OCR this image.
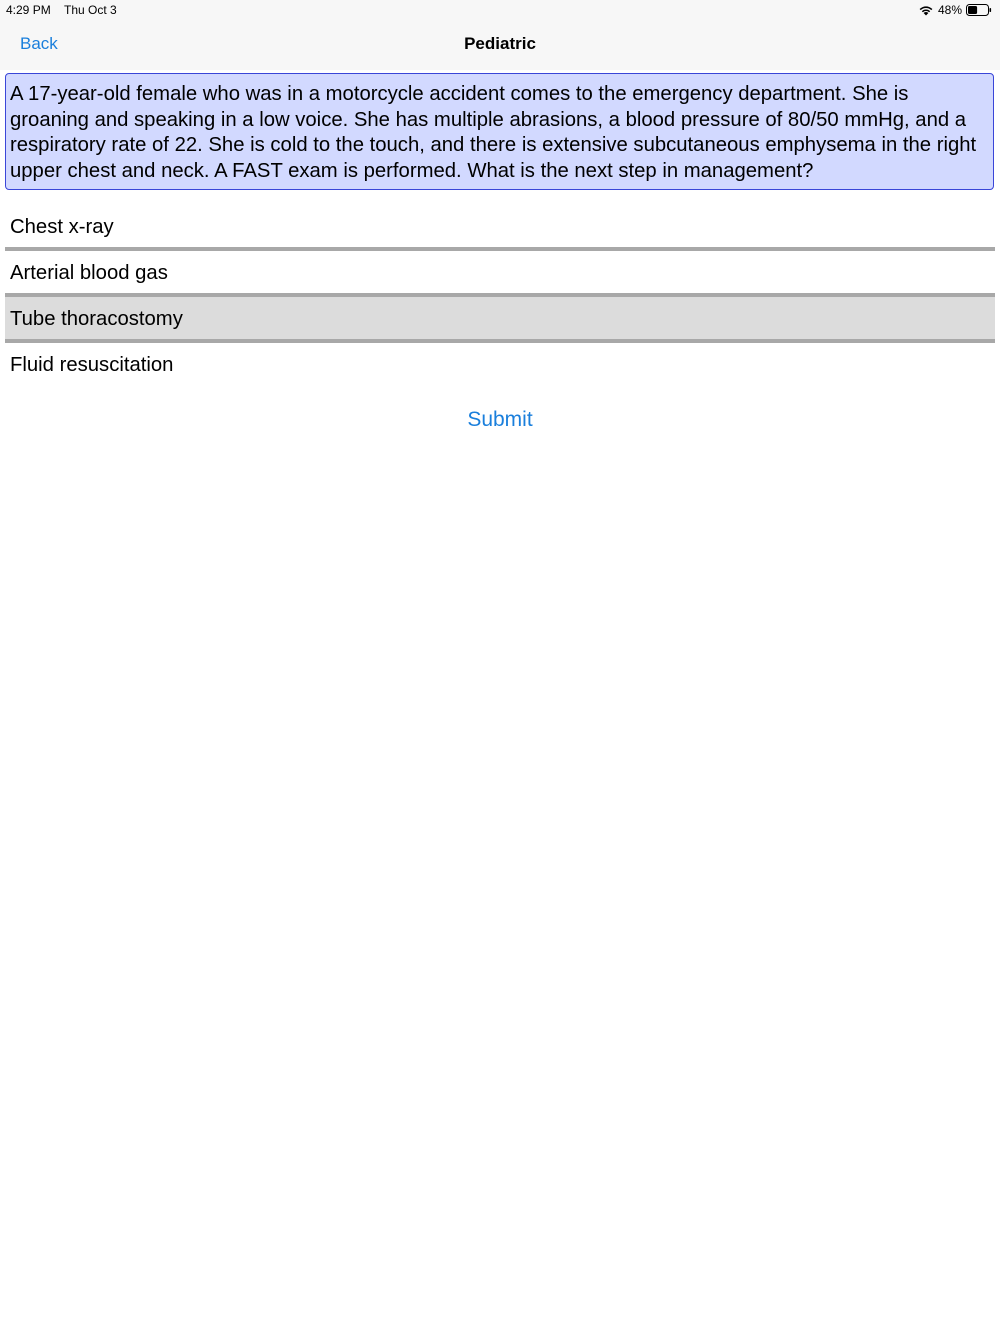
4:29 PM Thu Oct 3	48%
Back	Pediatric
A 17-year-old female who was in a motorcycle accident comes to the emergency department. She is groaning and speaking in a low voice. She has multiple abrasions, a blood pressure of 80/50 mmHg, and a respiratory rate of 22. She is cold to the touch, and there is extensive subcutaneous emphysema in the right upper chest and neck. A FAST exam is performed. What is the next step in management?
Chest x-ray
Arterial blood gas
Tube thoracostomy
Fluid resuscitation
Submit
